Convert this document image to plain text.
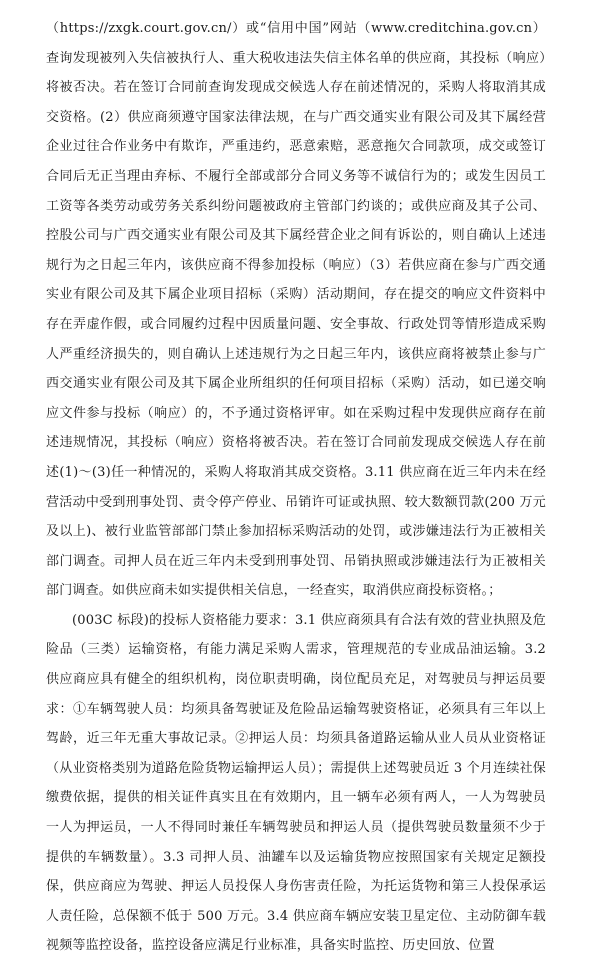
（https://zxgk.court.gov.cn/）或“信用中国”网站（www.creditchina.gov.cn）查询发现被列入失信被执行人、重大税收违法失信主体名单的供应商，其投标（响应）将被否决。若在签订合同前查询发现成交候选人存在前述情况的，采购人将取消其成交资格。(2）供应商须遵守国家法律法规，在与广西交通实业有限公司及其下属经营企业过往合作业务中有欺诈，严重违约，恶意索赔，恶意拖欠合同款项，成交或签订合同后无正当理由弃标、不履行全部或部分合同义务等不诚信行为的；或发生因员工工资等各类劳动或劳务关系纠纷问题被政府主管部门约谈的；或供应商及其子公司、控股公司与广西交通实业有限公司及其下属经营企业之间有诉讼的，则自确认上述违规行为之日起三年内，该供应商不得参加投标（响应）（3）若供应商在参与广西交通实业有限公司及其下属企业项目招标（采购）活动期间，存在提交的响应文件资料中存在弄虚作假，或合同履约过程中因质量问题、安全事故、行政处罚等情形造成采购人严重经济损失的，则自确认上述违规行为之日起三年内，该供应商将被禁止参与广西交通实业有限公司及其下属企业所组织的任何项目招标（采购）活动，如已递交响应文件参与投标（响应）的，不予通过资格评审。如在采购过程中发现供应商存在前述违规情况，其投标（响应）资格将被否决。若在签订合同前发现成交候选人存在前述(1)～(3)任一种情况的，采购人将取消其成交资格。3.11 供应商在近三年内未在经营活动中受到刑事处罚、责令停产停业、吊销许可证或执照、较大数额罚款(200 万元及以上)、被行业监管部部门禁止参加招标采购活动的处罚，或涉嫌违法行为正被相关部门调查。司押人员在近三年内未受到刑事处罚、吊销执照或涉嫌违法行为正被相关部门调查。如供应商未如实提供相关信息，一经查实，取消供应商投标资格。；

(003C 标段)的投标人资格能力要求：3.1 供应商须具有合法有效的营业执照及危险品（三类）运输资格，有能力满足采购人需求，管理规范的专业成品油运输。3.2 供应商应具有健全的组织机构，岗位职责明确，岗位配员充足，对驾驶员与押运员要求：①车辆驾驶人员：均须具备驾驶证及危险品运输驾驶资格证，必须具有三年以上驾龄，近三年无重大事故记录。②押运人员：均须具备道路运输从业人员从业资格证（从业资格类别为道路危险货物运输押运人员）；需提供上述驾驶员近 3 个月连续社保缴费依据，提供的相关证件真实且在有效期内，且一辆车必须有两人，一人为驾驶员一人为押运员，一人不得同时兼任车辆驾驶员和押运人员（提供驾驶员数量须不少于提供的车辆数量）。3.3 司押人员、油罐车以及运输货物应按照国家有关规定足额投保，供应商应为驾驶、押运人员投保人身伤害责任险，为托运货物和第三人投保承运人责任险，总保额不低于 500 万元。3.4 供应商车辆应安装卫星定位、主动防御车载视频等监控设备，监控设备应满足行业标准，具备实时监控、历史回放、位置
